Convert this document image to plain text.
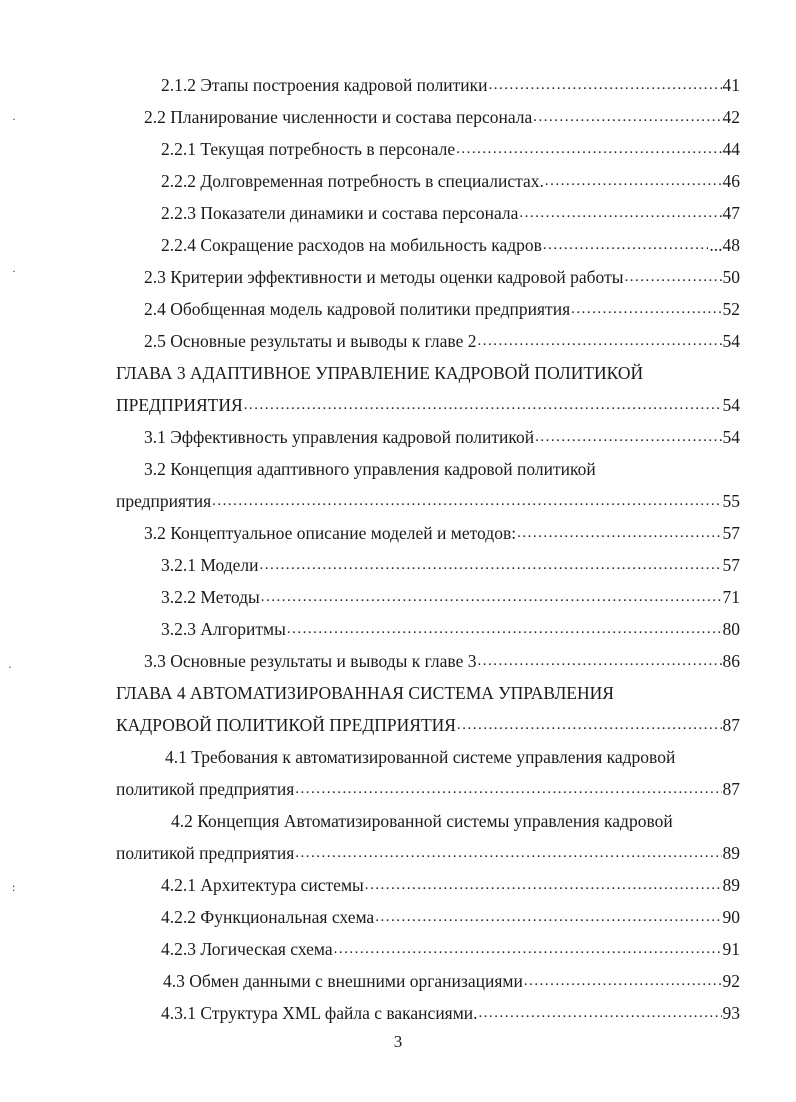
2.1.2 Этапы построения кадровой политики .....	41
2.2 Планирование численности и состава персонала .....	42
2.2.1 Текущая потребность в персонале .....	44
2.2.2 Долговременная потребность в специалистах. .....	46
2.2.3 Показатели динамики и состава персонала .....	47
2.2.4 Сокращение расходов на мобильность кадров .....	...48
2.3 Критерии эффективности и методы оценки кадровой работы .....	50
2.4 Обобщенная модель кадровой политики предприятия .....	52
2.5 Основные результаты и выводы к главе 2 .....	54
ГЛАВА 3 АДАПТИВНОЕ УПРАВЛЕНИЕ КАДРОВОЙ ПОЛИТИКОЙ
ПРЕДПРИЯТИЯ .....	54
3.1 Эффективность управления кадровой политикой .....	54
3.2 Концепция адаптивного управления кадровой политикой
предприятия .....	55
3.2 Концептуальное описание моделей и методов: .....	57
3.2.1 Модели .....	57
3.2.2 Методы .....	71
3.2.3 Алгоритмы .....	80
3.3 Основные результаты и выводы к главе 3 .....	86
ГЛАВА 4 АВТОМАТИЗИРОВАННАЯ СИСТЕМА УПРАВЛЕНИЯ
КАДРОВОЙ ПОЛИТИКОЙ ПРЕДПРИЯТИЯ .....	87
4.1 Требования к автоматизированной системе управления кадровой
политикой предприятия .....	87
4.2 Концепция Автоматизированной системы управления кадровой
политикой предприятия .....	89
4.2.1 Архитектура системы .....	89
4.2.2 Функциональная схема .....	90
4.2.3 Логическая схема .....	91
4.3 Обмен данными с внешними организациями .....	92
4.3.1 Структура XML файла с вакансиями. .....	93
·
·
·
:
3
